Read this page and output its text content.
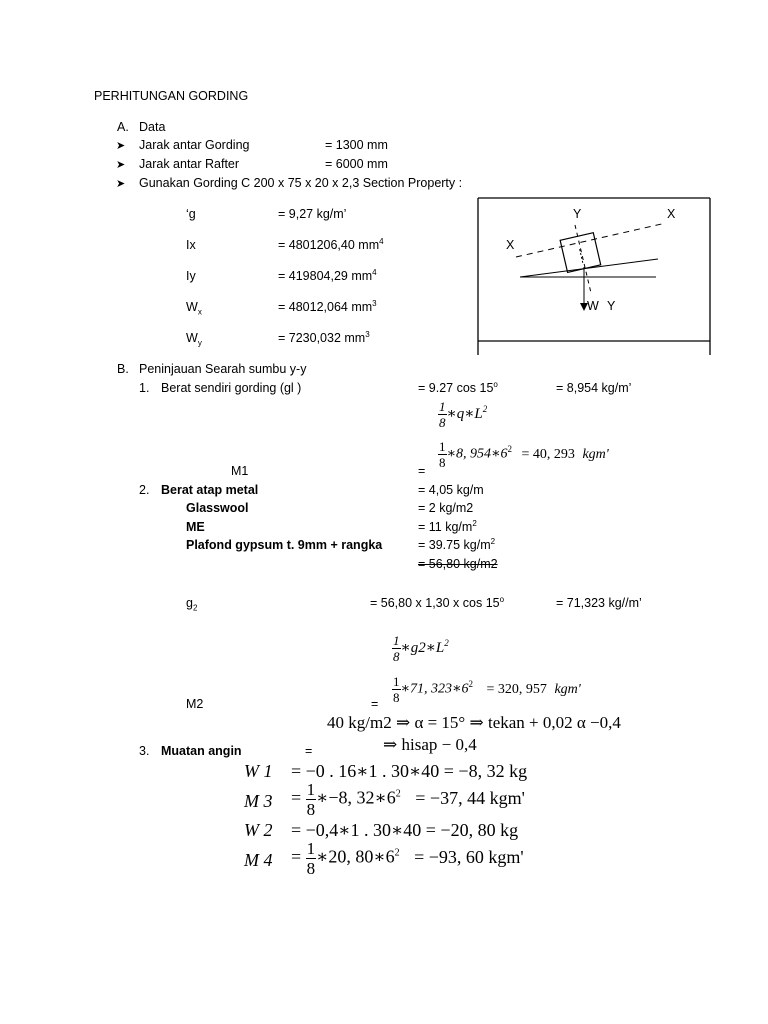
PERHITUNGAN GORDING
A. Data
➤ Jarak antar Gording	= 1300 mm
➤ Jarak antar Rafter	= 6000 mm
➤ Gunakan Gording C 200 x 75 x 20 x 2,3 Section Property :
‘g	= 9,27 kg/m’
Ix	= 4801206,40 $mm^4$
Iy	= 419804,29 $mm^4$
$W_x$	= 48012,064 $mm^3$
$W_y$	= 7230,032 $mm^3$
Y	X
X
W Y
B. Peninjauan Searah sumbu y-y
1. Berat sendiri gording (gl )	= 9.27 $\cos 15^o$	= 8,954 kg/m’
$\frac{1}{8}$ $∗q∗L^2$
$\frac{1}{8}$ ∗8, $954∗6^2 = 40$, 293 kgm'
M1	=
2. Berat atap metal	= 4,05 kg/m
Glasswool	= 2 kg/m2
ME	= 11 $kg/m^2$
Plafond gypsum t. 9mm + rangka	= 39.75 $kg/m^2$
= 56,80 kg/m2
$g_2$	= 56,80 x 1,30 x $\cos 15^o$	= 71,323 kg//m’
$\frac{1}{8}$ $∗g2∗L^2$
$\frac{1}{8}$ ∗71, $323∗6^2 = 320$, 957 kgm'
M2	=
40 kg/m2 ⇒ α = 15° ⇒ tekan + 0,02 α −0,4
⇒ hisap − 0,4
3. Muatan angin	=
W 1 = −0 . 16∗1 . 30∗40 = −8, 32 kg
M $3 = \frac{1}{8}$ ∗−8, $32∗6^2 = -37$, 44 kgm'
W 2 = −0,4∗1 . 30∗40 = −20, 80 kg
M $4 = \frac{1}{8}$ ∗20, $80∗6^2 = -93$, 60 kgm'
